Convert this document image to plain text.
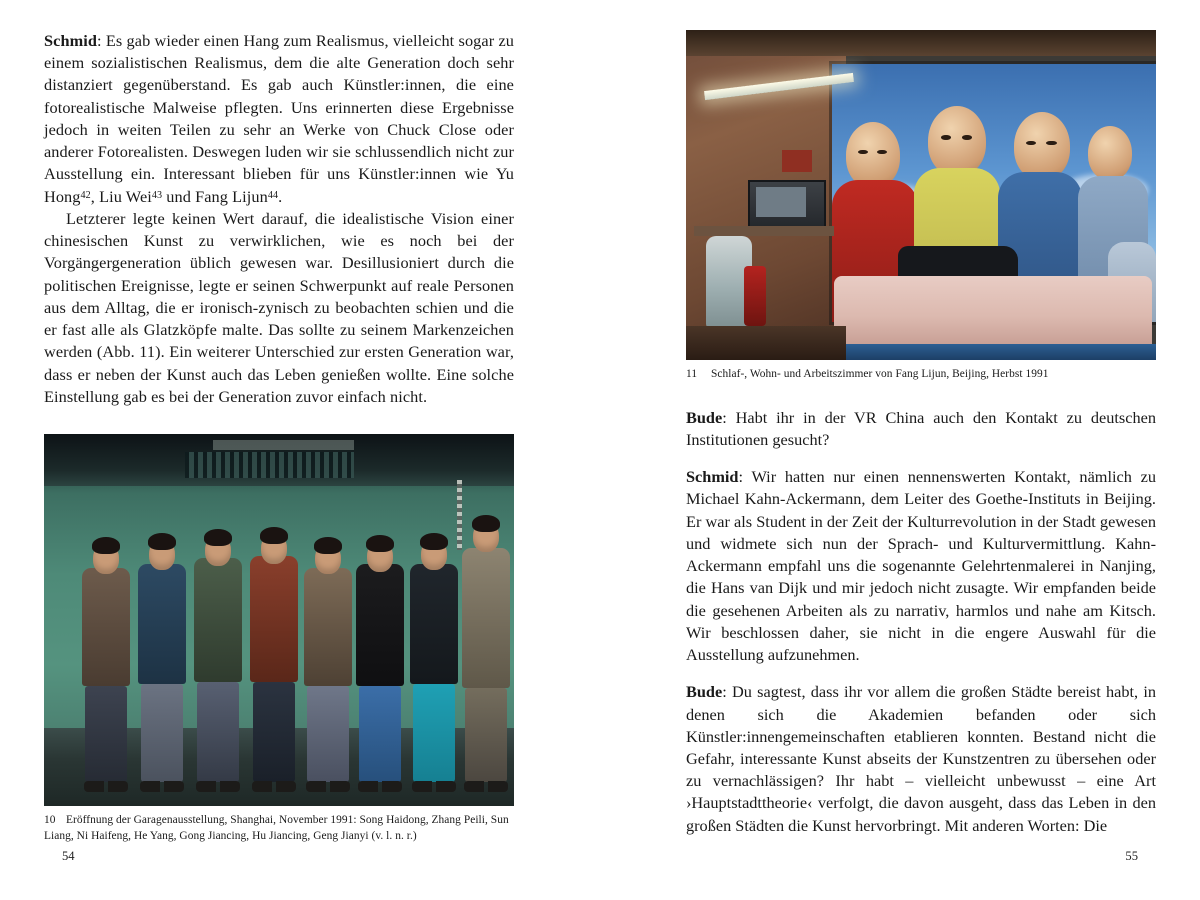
Schmid: Es gab wieder einen Hang zum Realismus, vielleicht sogar zu einem sozialistischen Realismus, dem die alte Generation doch sehr distanziert gegenüberstand. Es gab auch Künstler:innen, die eine fotorealistische Malweise pflegten. Uns erinnerten diese Ergebnisse jedoch in weiten Teilen zu sehr an Werke von Chuck Close oder anderer Fotorealisten. Deswegen luden wir sie schlussendlich nicht zur Ausstellung ein. Interessant blieben für uns Künstler:innen wie Yu Hong$^{42}$, Liu Wei$^{43}$ und Fang Lijun$^{44}$.

Letzterer legte keinen Wert darauf, die idealistische Vision einer chinesischen Kunst zu verwirklichen, wie es noch bei der Vorgängergeneration üblich gewesen war. Desillusioniert durch die politischen Ereignisse, legte er seinen Schwerpunkt auf reale Personen aus dem Alltag, die er ironisch-zynisch zu beobachten schien und die er fast alle als Glatzköpfe malte. Das sollte zu seinem Markenzeichen werden (Abb. 11). Ein weiterer Unterschied zur ersten Generation war, dass er neben der Kunst auch das Leben genießen wollte. Eine solche Einstellung gab es bei der Generation zuvor einfach nicht.

10 Eröffnung der Garagenausstellung, Shanghai, November 1991: Song Haidong, Zhang Peili, Sun Liang, Ni Haifeng, He Yang, Gong Jiancing, Hu Jiancing, Geng Jianyi (v. l. n. r.)
54
11 Schlaf-, Wohn- und Arbeitszimmer von Fang Lijun, Beijing, Herbst 1991

Bude: Habt ihr in der VR China auch den Kontakt zu deutschen Institutionen gesucht?

Schmid: Wir hatten nur einen nennenswerten Kontakt, nämlich zu Michael Kahn-Ackermann, dem Leiter des Goethe-Instituts in Beijing. Er war als Student in der Zeit der Kulturrevolution in der Stadt gewesen und widmete sich nun der Sprach- und Kulturvermittlung. Kahn-Ackermann empfahl uns die sogenannte Gelehrtenmalerei in Nanjing, die Hans van Dijk und mir jedoch nicht zusagte. Wir empfanden beide die gesehenen Arbeiten als zu narrativ, harmlos und nahe am Kitsch. Wir beschlossen daher, sie nicht in die engere Auswahl für die Ausstellung aufzunehmen.

Bude: Du sagtest, dass ihr vor allem die großen Städte bereist habt, in denen sich die Akademien befanden oder sich Künstler:innengemeinschaften etablieren konnten. Bestand nicht die Gefahr, interessante Kunst abseits der Kunstzentren zu übersehen oder zu vernachlässigen? Ihr habt – vielleicht unbewusst – eine Art ›Hauptstadttheorie‹ verfolgt, die davon ausgeht, dass das Leben in den großen Städten die Kunst hervorbringt. Mit anderen Worten: Die

55
